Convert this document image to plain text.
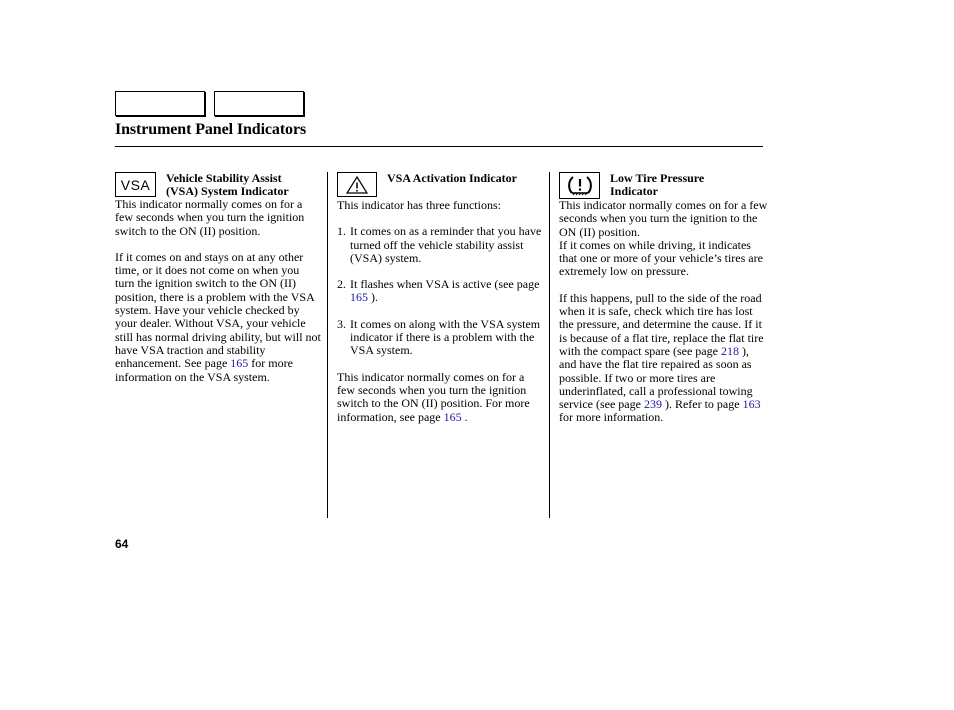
Instrument Panel Indicators
VSA	Vehicle Stability Assist
(VSA) System Indicator

This indicator normally comes on for a few seconds when you turn the ignition switch to the ON (II) position.

If it comes on and stays on at any other time, or it does not come on when you turn the ignition switch to the ON (II) position, there is a problem with the VSA system. Have your vehicle checked by your dealer. Without VSA, your vehicle still has normal driving ability, but will not have VSA traction and stability enhancement. See page 165 for more information on the VSA system.

VSA Activation Indicator

This indicator has three functions:

1. It comes on as a reminder that you have turned off the vehicle stability assist (VSA) system.
2. It flashes when VSA is active (see page 165 ).
3. It comes on along with the VSA system indicator if there is a problem with the VSA system.

This indicator normally comes on for a few seconds when you turn the ignition switch to the ON (II) position. For more information, see page 165 .

Low Tire Pressure
Indicator

This indicator normally comes on for a few seconds when you turn the ignition to the ON (II) position.

If it comes on while driving, it indicates that one or more of your vehicle’s tires are extremely low on pressure.

If this happens, pull to the side of the road when it is safe, check which tire has lost the pressure, and determine the cause. If it is because of a flat tire, replace the flat tire with the compact spare (see page 218 ), and have the flat tire repaired as soon as possible. If two or more tires are underinflated, call a professional towing service (see page 239 ). Refer to page 163 for more information.

64
